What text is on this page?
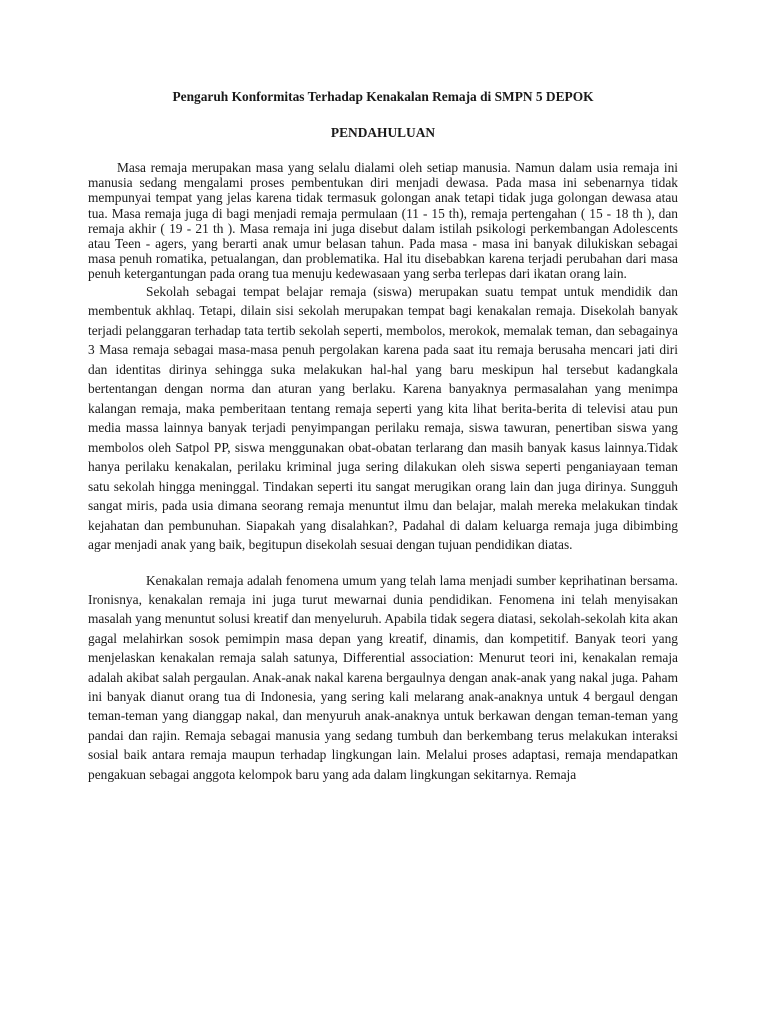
Pengaruh Konformitas Terhadap Kenakalan Remaja di SMPN 5 DEPOK
PENDAHULUAN

Masa remaja merupakan masa yang selalu dialami oleh setiap manusia. Namun dalam usia remaja ini manusia sedang mengalami proses pembentukan diri menjadi dewasa. Pada masa ini sebenarnya tidak mempunyai tempat yang jelas karena tidak termasuk golongan anak tetapi tidak juga golongan dewasa atau tua. Masa remaja juga di bagi menjadi remaja permulaan (11 - 15 th), remaja pertengahan ( 15 - 18 th ), dan remaja akhir ( 19 - 21 th ). Masa remaja ini juga disebut dalam istilah psikologi perkembangan Adolescents atau Teen - agers, yang berarti anak umur belasan tahun. Pada masa - masa ini banyak dilukiskan sebagai masa penuh romatika, petualangan, dan problematika. Hal itu disebabkan karena terjadi perubahan dari masa penuh ketergantungan pada orang tua menuju kedewasaan yang serba terlepas dari ikatan orang lain.

Sekolah sebagai tempat belajar remaja (siswa) merupakan suatu tempat untuk mendidik dan membentuk akhlaq. Tetapi, dilain sisi sekolah merupakan tempat bagi kenakalan remaja. Disekolah banyak terjadi pelanggaran terhadap tata tertib sekolah seperti, membolos, merokok, memalak teman, dan sebagainya 3 Masa remaja sebagai masa-masa penuh pergolakan karena pada saat itu remaja berusaha mencari jati diri dan identitas dirinya sehingga suka melakukan hal-hal yang baru meskipun hal tersebut kadangkala bertentangan dengan norma dan aturan yang berlaku. Karena banyaknya permasalahan yang menimpa kalangan remaja, maka pemberitaan tentang remaja seperti yang kita lihat berita-berita di televisi atau pun media massa lainnya banyak terjadi penyimpangan perilaku remaja, siswa tawuran, penertiban siswa yang membolos oleh Satpol PP, siswa menggunakan obat-obatan terlarang dan masih banyak kasus lainnya.Tidak hanya perilaku kenakalan, perilaku kriminal juga sering dilakukan oleh siswa seperti penganiayaan teman satu sekolah hingga meninggal. Tindakan seperti itu sangat merugikan orang lain dan juga dirinya. Sungguh sangat miris, pada usia dimana seorang remaja menuntut ilmu dan belajar, malah mereka melakukan tindak kejahatan dan pembunuhan. Siapakah yang disalahkan?, Padahal di dalam keluarga remaja juga dibimbing agar menjadi anak yang baik, begitupun disekolah sesuai dengan tujuan pendidikan diatas.

Kenakalan remaja adalah fenomena umum yang telah lama menjadi sumber keprihatinan bersama. Ironisnya, kenakalan remaja ini juga turut mewarnai dunia pendidikan. Fenomena ini telah menyisakan masalah yang menuntut solusi kreatif dan menyeluruh. Apabila tidak segera diatasi, sekolah-sekolah kita akan gagal melahirkan sosok pemimpin masa depan yang kreatif, dinamis, dan kompetitif. Banyak teori yang menjelaskan kenakalan remaja salah satunya, Differential association: Menurut teori ini, kenakalan remaja adalah akibat salah pergaulan. Anak-anak nakal karena bergaulnya dengan anak-anak yang nakal juga. Paham ini banyak dianut orang tua di Indonesia, yang sering kali melarang anak-anaknya untuk 4 bergaul dengan teman-teman yang dianggap nakal, dan menyuruh anak-anaknya untuk berkawan dengan teman-teman yang pandai dan rajin. Remaja sebagai manusia yang sedang tumbuh dan berkembang terus melakukan interaksi sosial baik antara remaja maupun terhadap lingkungan lain. Melalui proses adaptasi, remaja mendapatkan pengakuan sebagai anggota kelompok baru yang ada dalam lingkungan sekitarnya. Remaja
